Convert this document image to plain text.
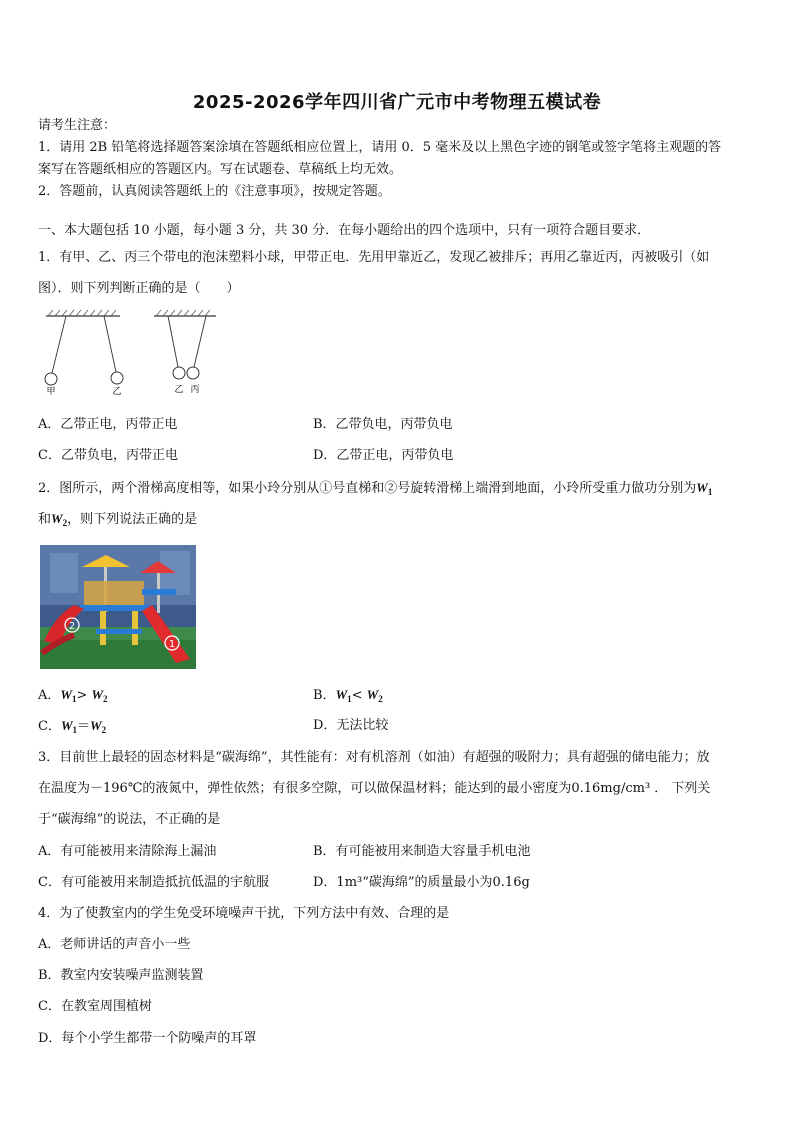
2025-2026学年四川省广元市中考物理五模试卷
请考生注意：
1．请用 2B 铅笔将选择题答案涂填在答题纸相应位置上，请用 0．5 毫米及以上黑色字迹的钢笔或签字笔将主观题的答
案写在答题纸相应的答题区内。写在试题卷、草稿纸上均无效。
2．答题前，认真阅读答题纸上的《注意事项》，按规定答题。
一、本大题包括 10 小题，每小题 3 分，共 30 分．在每小题给出的四个选项中，只有一项符合题目要求．
1．有甲、乙、丙三个带电的泡沫塑料小球，甲带正电．先用甲靠近乙，发现乙被排斥；再用乙靠近丙，丙被吸引（如
图）．则下列判断正确的是（　　）
甲	乙	乙 丙
A．乙带正电，丙带正电	B．乙带负电，丙带负电
C．乙带负电，丙带正电	D．乙带正电，丙带负电
2．图所示，两个滑梯高度相等，如果小玲分别从①号直梯和②号旋转滑梯上端滑到地面，小玲所受重力做功分别为$W_1$
和$W_2$，则下列说法正确的是
2
1
A．$W_1> W_2$	B．$W_1< W_2$
C．$W_1=W_2$	D．无法比较
3．目前世上最轻的固态材料是“碳海绵”，其性能有：对有机溶剂（如油）有超强的吸附力；具有超强的储电能力；放
在温度为－196℃的液氮中，弹性依然；有很多空隙，可以做保温材料；能达到的最小密度为0.16mg/cm³ ． 下列关
于“碳海绵”的说法，不正确的是
A．有可能被用来清除海上漏油	B．有可能被用来制造大容量手机电池
C．有可能被用来制造抵抗低温的宇航服	D．1m³“碳海绵”的质量最小为0.16g
4．为了使教室内的学生免受环境噪声干扰，下列方法中有效、合理的是
A．老师讲话的声音小一些
B．教室内安装噪声监测装置
C．在教室周围植树
D．每个小学生都带一个防噪声的耳罩
